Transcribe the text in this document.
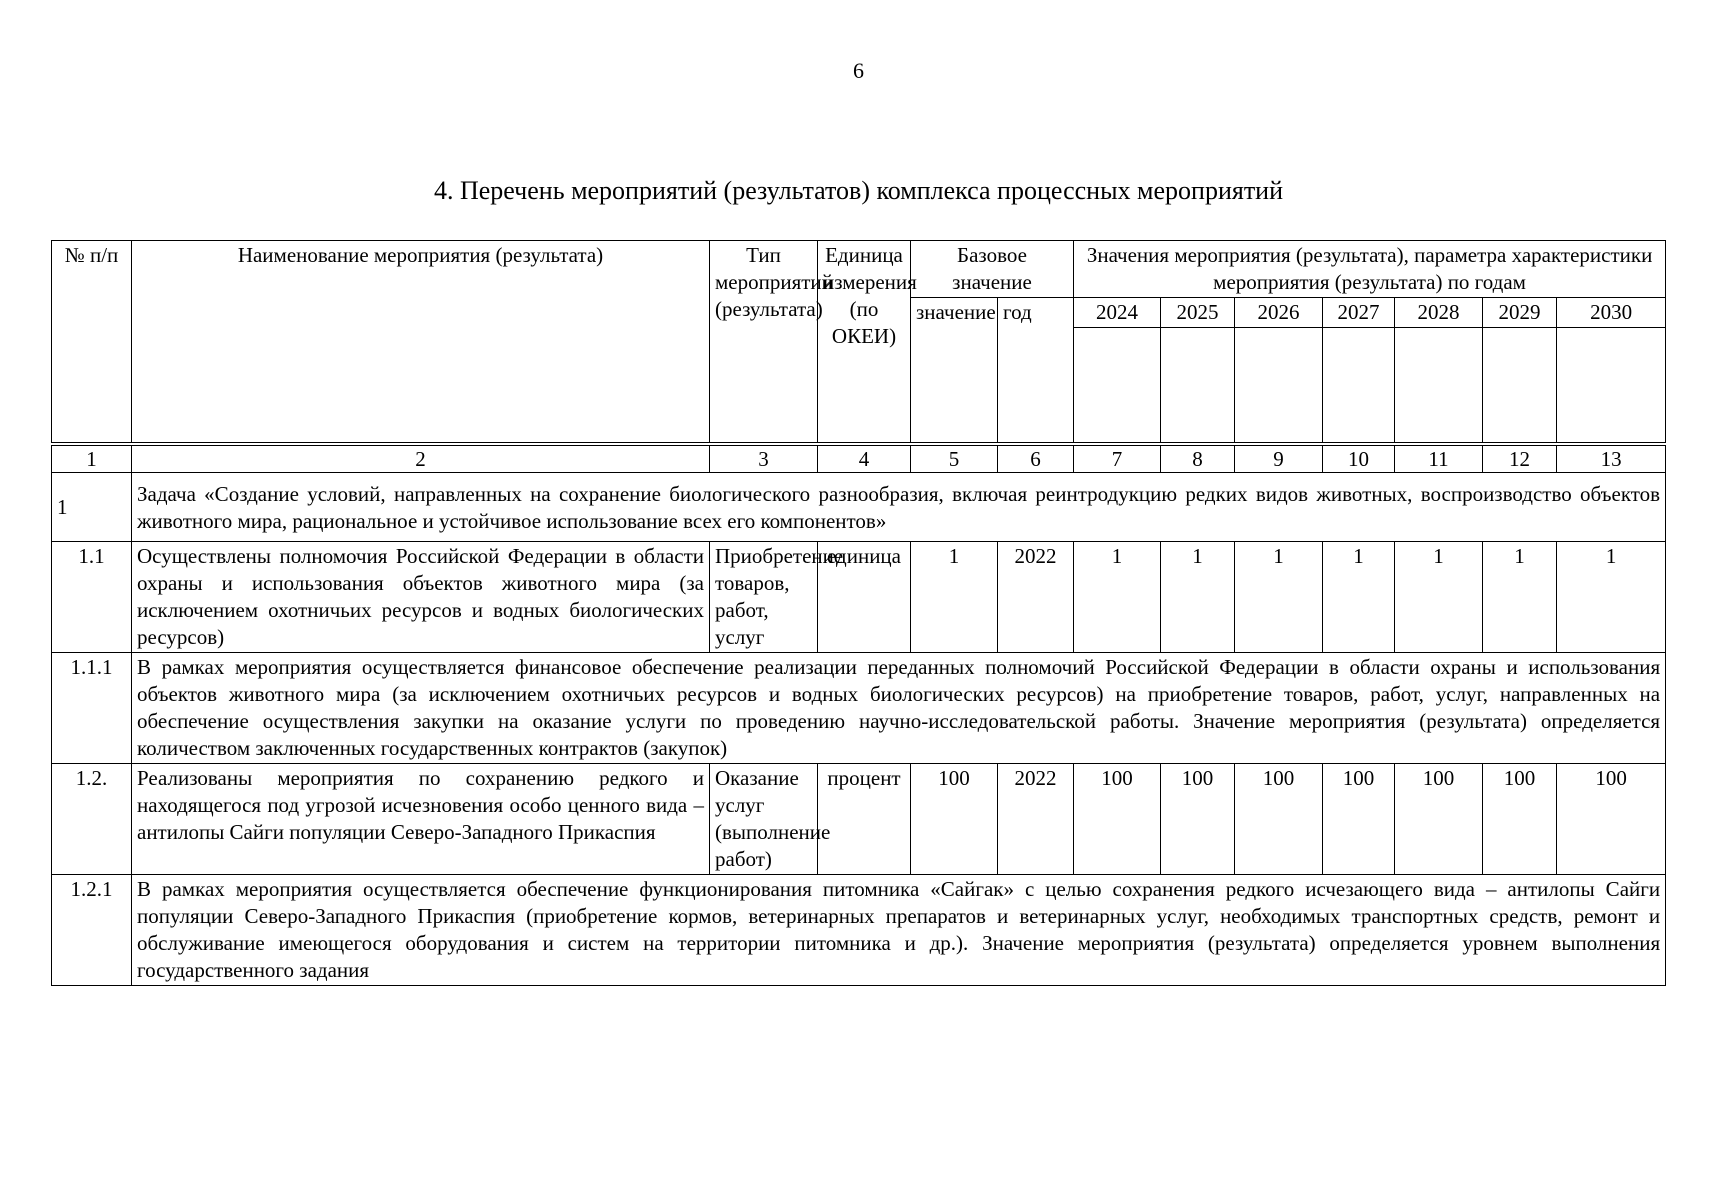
6
4. Перечень мероприятий (результатов) комплекса процессных мероприятий
№ п/п	Наименование мероприятия (результата)	Тип мероприятий (результата)	Единица измерения (по ОКЕИ)	Базовое значение		Значения мероприятия (результата), параметра характеристики мероприятия (результата) по годам						
				значение	год	2024	2025	2026	2027	2028	2029	2030

1	2	3	4	5	6	7	8	9	10	11	12	13
1	Задача «Создание условий, направленных на сохранение биологического разнообразия, включая реинтродукцию редких видов животных, воспроизводство объектов животного мира, рациональное и устойчивое использование всех его компонентов»											
1.1	Осуществлены полномочия Российской Федерации в области охраны и использования объектов животного мира (за исключением охотничьих ресурсов и водных биологических ресурсов)	Приобретение товаров, работ, услуг	единица	1	2022	1	1	1	1	1	1	1
1.1.1	В рамках мероприятия осуществляется финансовое обеспечение реализации переданных полномочий Российской Федерации в области охраны и использования объектов животного мира (за исключением охотничьих ресурсов и водных биологических ресурсов) на приобретение товаров, работ, услуг, направленных на обеспечение осуществления закупки на оказание услуги по проведению научно-исследовательской работы. Значение мероприятия (результата) определяется количеством заключенных государственных контрактов (закупок)											
1.2.	Реализованы мероприятия по сохранению редкого и находящегося под угрозой исчезновения особо ценного вида – антилопы Сайги популяции Северо-Западного Прикаспия	Оказание услуг (выполнение работ)	процент	100	2022	100	100	100	100	100	100	100
1.2.1	В рамках мероприятия осуществляется обеспечение функционирования питомника «Сайгак» с целью сохранения редкого исчезающего вида – антилопы Сайги популяции Северо-Западного Прикаспия (приобретение кормов, ветеринарных препаратов и ветеринарных услуг, необходимых транспортных средств, ремонт и обслуживание имеющегося оборудования и систем на территории питомника и др.). Значение мероприятия (результата) определяется уровнем выполнения государственного задания											
